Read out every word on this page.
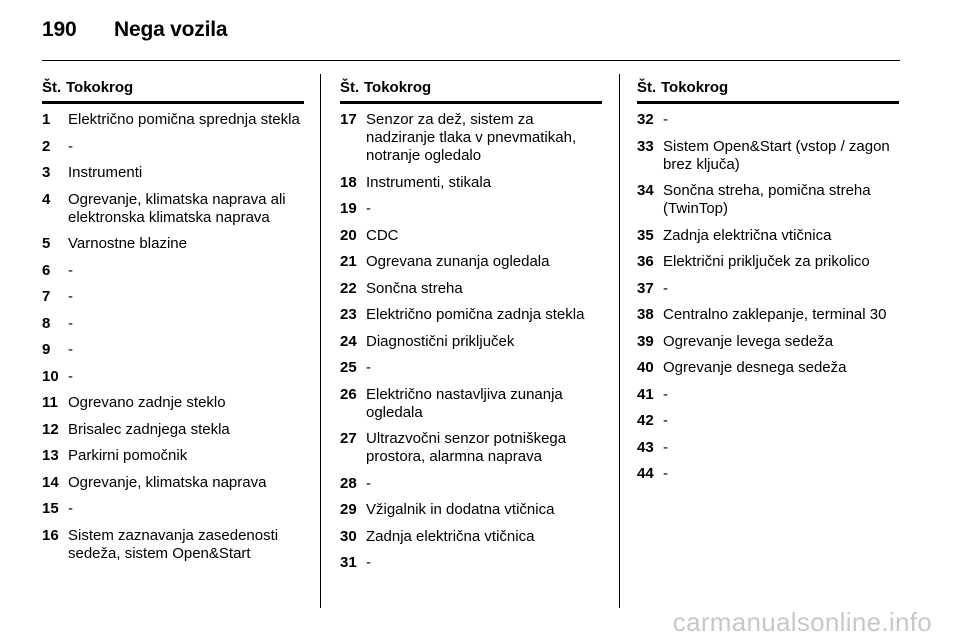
190 Nega vozila
Št. Tokokrog
1	Električno pomična sprednja stekla
2	-
3	Instrumenti
4	Ogrevanje, klimatska naprava ali elektronska klimatska naprava
5	Varnostne blazine
6	-
7	-
8	-
9	-
10 -
11 Ogrevano zadnje steklo
12 Brisalec zadnjega stekla
13 Parkirni pomočnik
14 Ogrevanje, klimatska naprava
15 -
16 Sistem zaznavanja zasedenosti sedeža, sistem Open&Start
Št. Tokokrog
17 Senzor za dež, sistem za nadziranje tlaka v pnevmatikah, notranje ogledalo
18 Instrumenti, stikala
19 -
20 CDC
21 Ogrevana zunanja ogledala
22 Sončna streha
23 Električno pomična zadnja stekla
24 Diagnostični priključek
25 -
26 Električno nastavljiva zunanja ogledala
27 Ultrazvočni senzor potniškega prostora, alarmna naprava
28 -
29 Vžigalnik in dodatna vtičnica
30 Zadnja električna vtičnica
31 -
Št. Tokokrog
32 -
33 Sistem Open&Start (vstop / zagon brez ključa)
34 Sončna streha, pomična streha (TwinTop)
35 Zadnja električna vtičnica
36 Električni priključek za prikolico
37 -
38 Centralno zaklepanje, terminal 30
39 Ogrevanje levega sedeža
40 Ogrevanje desnega sedeža
41 -
42 -
43 -
44 -
carmanualsonline.info
